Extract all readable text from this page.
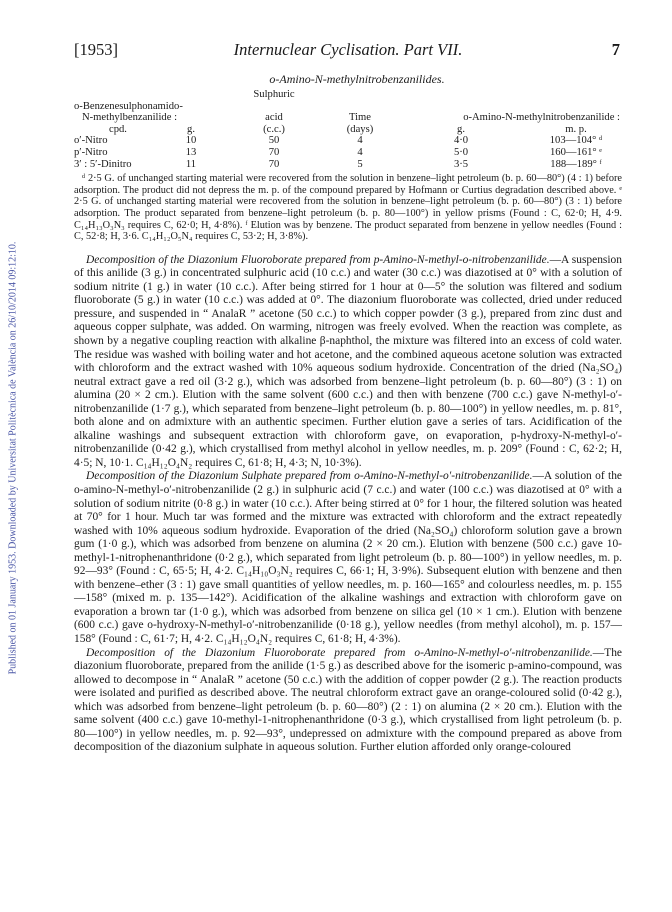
Published on 01 January 1953. Downloaded by Universitat Politècnica de València on 26/10/2014 09:12:10.
[1953]	Internuclear Cyclisation. Part VII.	7
o-Amino-N-methylnitrobenzanilides.
		Sulphuric			

o-Benzenesulphonamido-
N-methylbenzanilide :		acid	Time	o-Amino-N-methylnitrobenzanilide :	
cpd.	g.	(c.c.)	(days)	g.	m. p.
o′-Nitro	10	50	4	4·0	103—104° ᵈ
p′-Nitro	13	70	4	5·0	160—161° ᵉ
3′ : 5′-Dinitro	11	70	5	3·5	188—189° ᶠ

ᵈ 2·5 G. of unchanged starting material were recovered from the solution in benzene–light petroleum (b. p. 60—80°) (4 : 1) before adsorption. The product did not depress the m. p. of the compound prepared by Hofmann or Curtius degradation described above. ᵉ 2·5 G. of unchanged starting material were recovered from the solution in benzene–light petroleum (b. p. 60—80°) (3 : 1) before adsorption. The product separated from benzene–light petroleum (b. p. 80—100°) in yellow prisms (Found : C, 62·0; H, 4·9. C₁₄H₁₃O₃N₃ requires C, 62·0; H, 4·8%). ᶠ Elution was by benzene. The product separated from benzene in yellow needles (Found : C, 52·8; H, 3·6. C₁₄H₁₂O₅N₄ requires C, 53·2; H, 3·8%).

Decomposition of the Diazonium Fluoroborate prepared from p-Amino-N-methyl-o-nitrobenzanilide.—A suspension of this anilide (3 g.) in concentrated sulphuric acid (10 c.c.) and water (30 c.c.) was diazotised at 0° with a solution of sodium nitrite (1 g.) in water (10 c.c.). After being stirred for 1 hour at 0—5° the solution was filtered and sodium fluoroborate (5 g.) in water (10 c.c.) was added at 0°. The diazonium fluoroborate was collected, dried under reduced pressure, and suspended in “ AnalaR ” acetone (50 c.c.) to which copper powder (3 g.), prepared from zinc dust and aqueous copper sulphate, was added. On warming, nitrogen was freely evolved. When the reaction was complete, as shown by a negative coupling reaction with alkaline β-naphthol, the mixture was filtered into an excess of cold water. The residue was washed with boiling water and hot acetone, and the combined aqueous acetone solution was extracted with chloroform and the extract washed with 10% aqueous sodium hydroxide. Concentration of the dried (Na₂SO₄) neutral extract gave a red oil (3·2 g.), which was adsorbed from benzene–light petroleum (b. p. 60—80°) (3 : 1) on alumina (20 × 2 cm.). Elution with the same solvent (600 c.c.) and then with benzene (700 c.c.) gave N-methyl-o′-nitrobenzanilide (1·7 g.), which separated from benzene–light petroleum (b. p. 80—100°) in yellow needles, m. p. 81°, both alone and on admixture with an authentic specimen. Further elution gave a series of tars. Acidification of the alkaline washings and subsequent extraction with chloroform gave, on evaporation, p-hydroxy-N-methyl-o′-nitrobenzanilide (0·42 g.), which crystallised from methyl alcohol in yellow needles, m. p. 209° (Found : C, 62·2; H, 4·5; N, 10·1. C₁₄H₁₂O₄N₂ requires C, 61·8; H, 4·3; N, 10·3%).

Decomposition of the Diazonium Sulphate prepared from o-Amino-N-methyl-o′-nitrobenzanilide.—A solution of the o-amino-N-methyl-o′-nitrobenzanilide (2 g.) in sulphuric acid (7 c.c.) and water (100 c.c.) was diazotised at 0° with a solution of sodium nitrite (0·8 g.) in water (10 c.c.). After being stirred at 0° for 1 hour, the filtered solution was heated at 70° for 1 hour. Much tar was formed and the mixture was extracted with chloroform and the extract repeatedly washed with 10% aqueous sodium hydroxide. Evaporation of the dried (Na₂SO₄) chloroform solution gave a brown gum (1·0 g.), which was adsorbed from benzene on alumina (2 × 20 cm.). Elution with benzene (500 c.c.) gave 10-methyl-1-nitrophenanthridone (0·2 g.), which separated from light petroleum (b. p. 80—100°) in yellow needles, m. p. 92—93° (Found : C, 65·5; H, 4·2. C₁₄H₁₀O₃N₂ requires C, 66·1; H, 3·9%). Subsequent elution with benzene and then with benzene–ether (3 : 1) gave small quantities of yellow needles, m. p. 160—165° and colourless needles, m. p. 155—158° (mixed m. p. 135—142°). Acidification of the alkaline washings and extraction with chloroform gave on evaporation a brown tar (1·0 g.), which was adsorbed from benzene on silica gel (10 × 1 cm.). Elution with benzene (600 c.c.) gave o-hydroxy-N-methyl-o′-nitrobenzanilide (0·18 g.), yellow needles (from methyl alcohol), m. p. 157—158° (Found : C, 61·7; H, 4·2. C₁₄H₁₂O₄N₂ requires C, 61·8; H, 4·3%).

Decomposition of the Diazonium Fluoroborate prepared from o-Amino-N-methyl-o′-nitrobenzanilide.—The diazonium fluoroborate, prepared from the anilide (1·5 g.) as described above for the isomeric p-amino-compound, was allowed to decompose in “ AnalaR ” acetone (50 c.c.) with the addition of copper powder (2 g.). The reaction products were isolated and purified as described above. The neutral chloroform extract gave an orange-coloured solid (0·42 g.), which was adsorbed from benzene–light petroleum (b. p. 60—80°) (2 : 1) on alumina (2 × 20 cm.). Elution with the same solvent (400 c.c.) gave 10-methyl-1-nitrophenanthridone (0·3 g.), which crystallised from light petroleum (b. p. 80—100°) in yellow needles, m. p. 92—93°, undepressed on admixture with the compound prepared as above from decomposition of the diazonium sulphate in aqueous solution. Further elution afforded only orange-coloured
